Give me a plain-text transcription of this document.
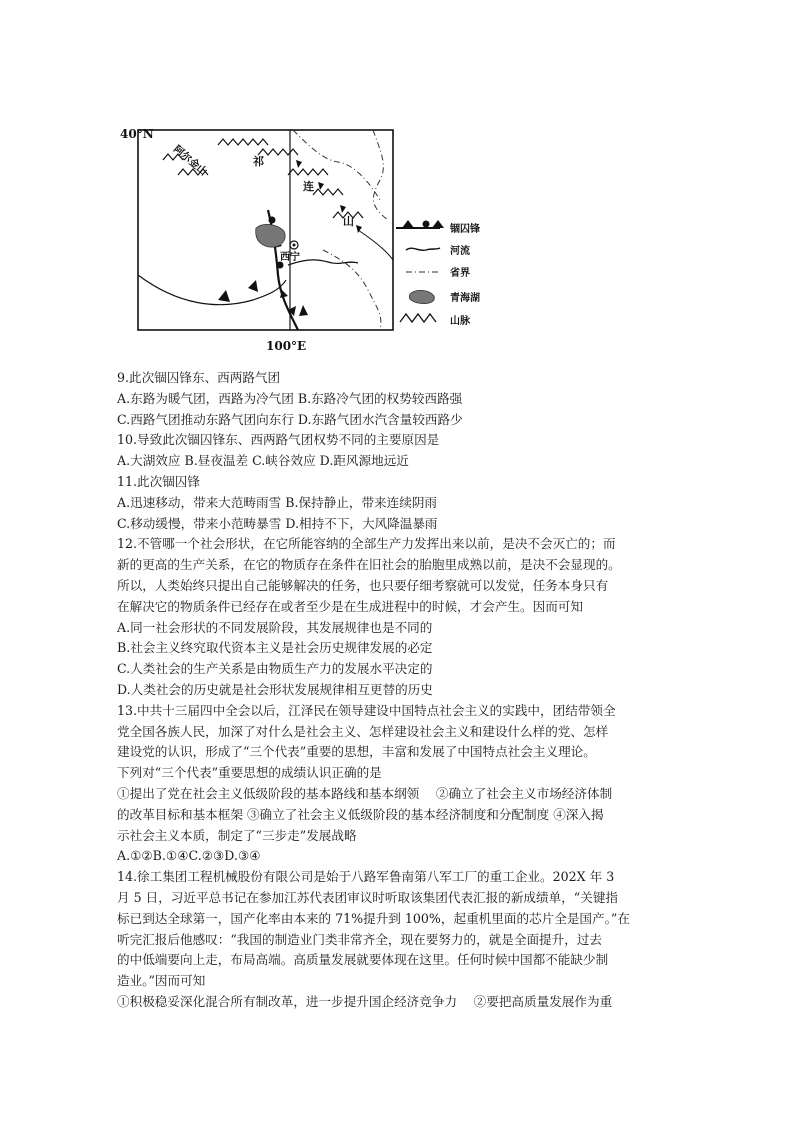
40°N
100°E
阿尔金山	祁
连
山
西宁
锢囚锋
河流
省界
青海湖
山脉
9.此次锢囚锋东、西两路气团
A.东路为暖气团，西路为冷气团 B.东路冷气团的权势较西路强
C.西路气团推动东路气团向东行 D.东路气团水汽含量较西路少
10.导致此次锢囚锋东、西两路气团权势不同的主要原因是
A.大湖效应 B.昼夜温差 C.峡谷效应 D.距风源地远近
11.此次锢囚锋
A.迅速移动，带来大范畴雨雪 B.保持静止，带来连续阴雨
C.移动缓慢，带来小范畴暴雪 D.相持不下，大风降温暴雨
12.不管哪一个社会形状，在它所能容纳的全部生产力发挥出来以前，是决不会灭亡的；而
新的更高的生产关系，在它的物质存在条件在旧社会的胎胞里成熟以前，是决不会显现的。
所以，人类始终只提出自己能够解决的任务，也只要仔细考察就可以发觉，任务本身只有
在解决它的物质条件已经存在或者至少是在生成进程中的时候，才会产生。因而可知
A.同一社会形状的不同发展阶段，其发展规律也是不同的
B.社会主义终究取代资本主义是社会历史规律发展的必定
C.人类社会的生产关系是由物质生产力的发展水平决定的
D.人类社会的历史就是社会形状发展规律相互更替的历史
13.中共十三届四中全会以后，江泽民在领导建设中国特点社会主义的实践中，团结带领全
党全国各族人民，加深了对什么是社会主义、怎样建设社会主义和建设什么样的党、怎样
建设党的认识，形成了“三个代表”重要的思想，丰富和发展了中国特点社会主义理论。
下列对“三个代表”重要思想的成绩认识正确的是
①提出了党在社会主义低级阶段的基本路线和基本纲领　 ②确立了社会主义市场经济体制
的改革目标和基本框架 ③确立了社会主义低级阶段的基本经济制度和分配制度 ④深入揭
示社会主义本质，制定了“三步走”发展战略
A.①②B.①④C.②③D.③④
14.徐工集团工程机械股份有限公司是始于八路军鲁南第八军工厂的重工企业。202X 年 3
月 5 日，习近平总书记在参加江苏代表团审议时听取该集团代表汇报的新成绩单，“关键指
标已到达全球第一，国产化率由本来的 71%提升到 100%，起重机里面的芯片全是国产。”在
听完汇报后他感叹：“我国的制造业门类非常齐全，现在要努力的，就是全面提升，过去
的中低端要向上走，布局高端。高质量发展就要体现在这里。任何时候中国都不能缺少制
造业。”因而可知
①积极稳妥深化混合所有制改革，进一步提升国企经济竞争力　 ②要把高质量发展作为重
